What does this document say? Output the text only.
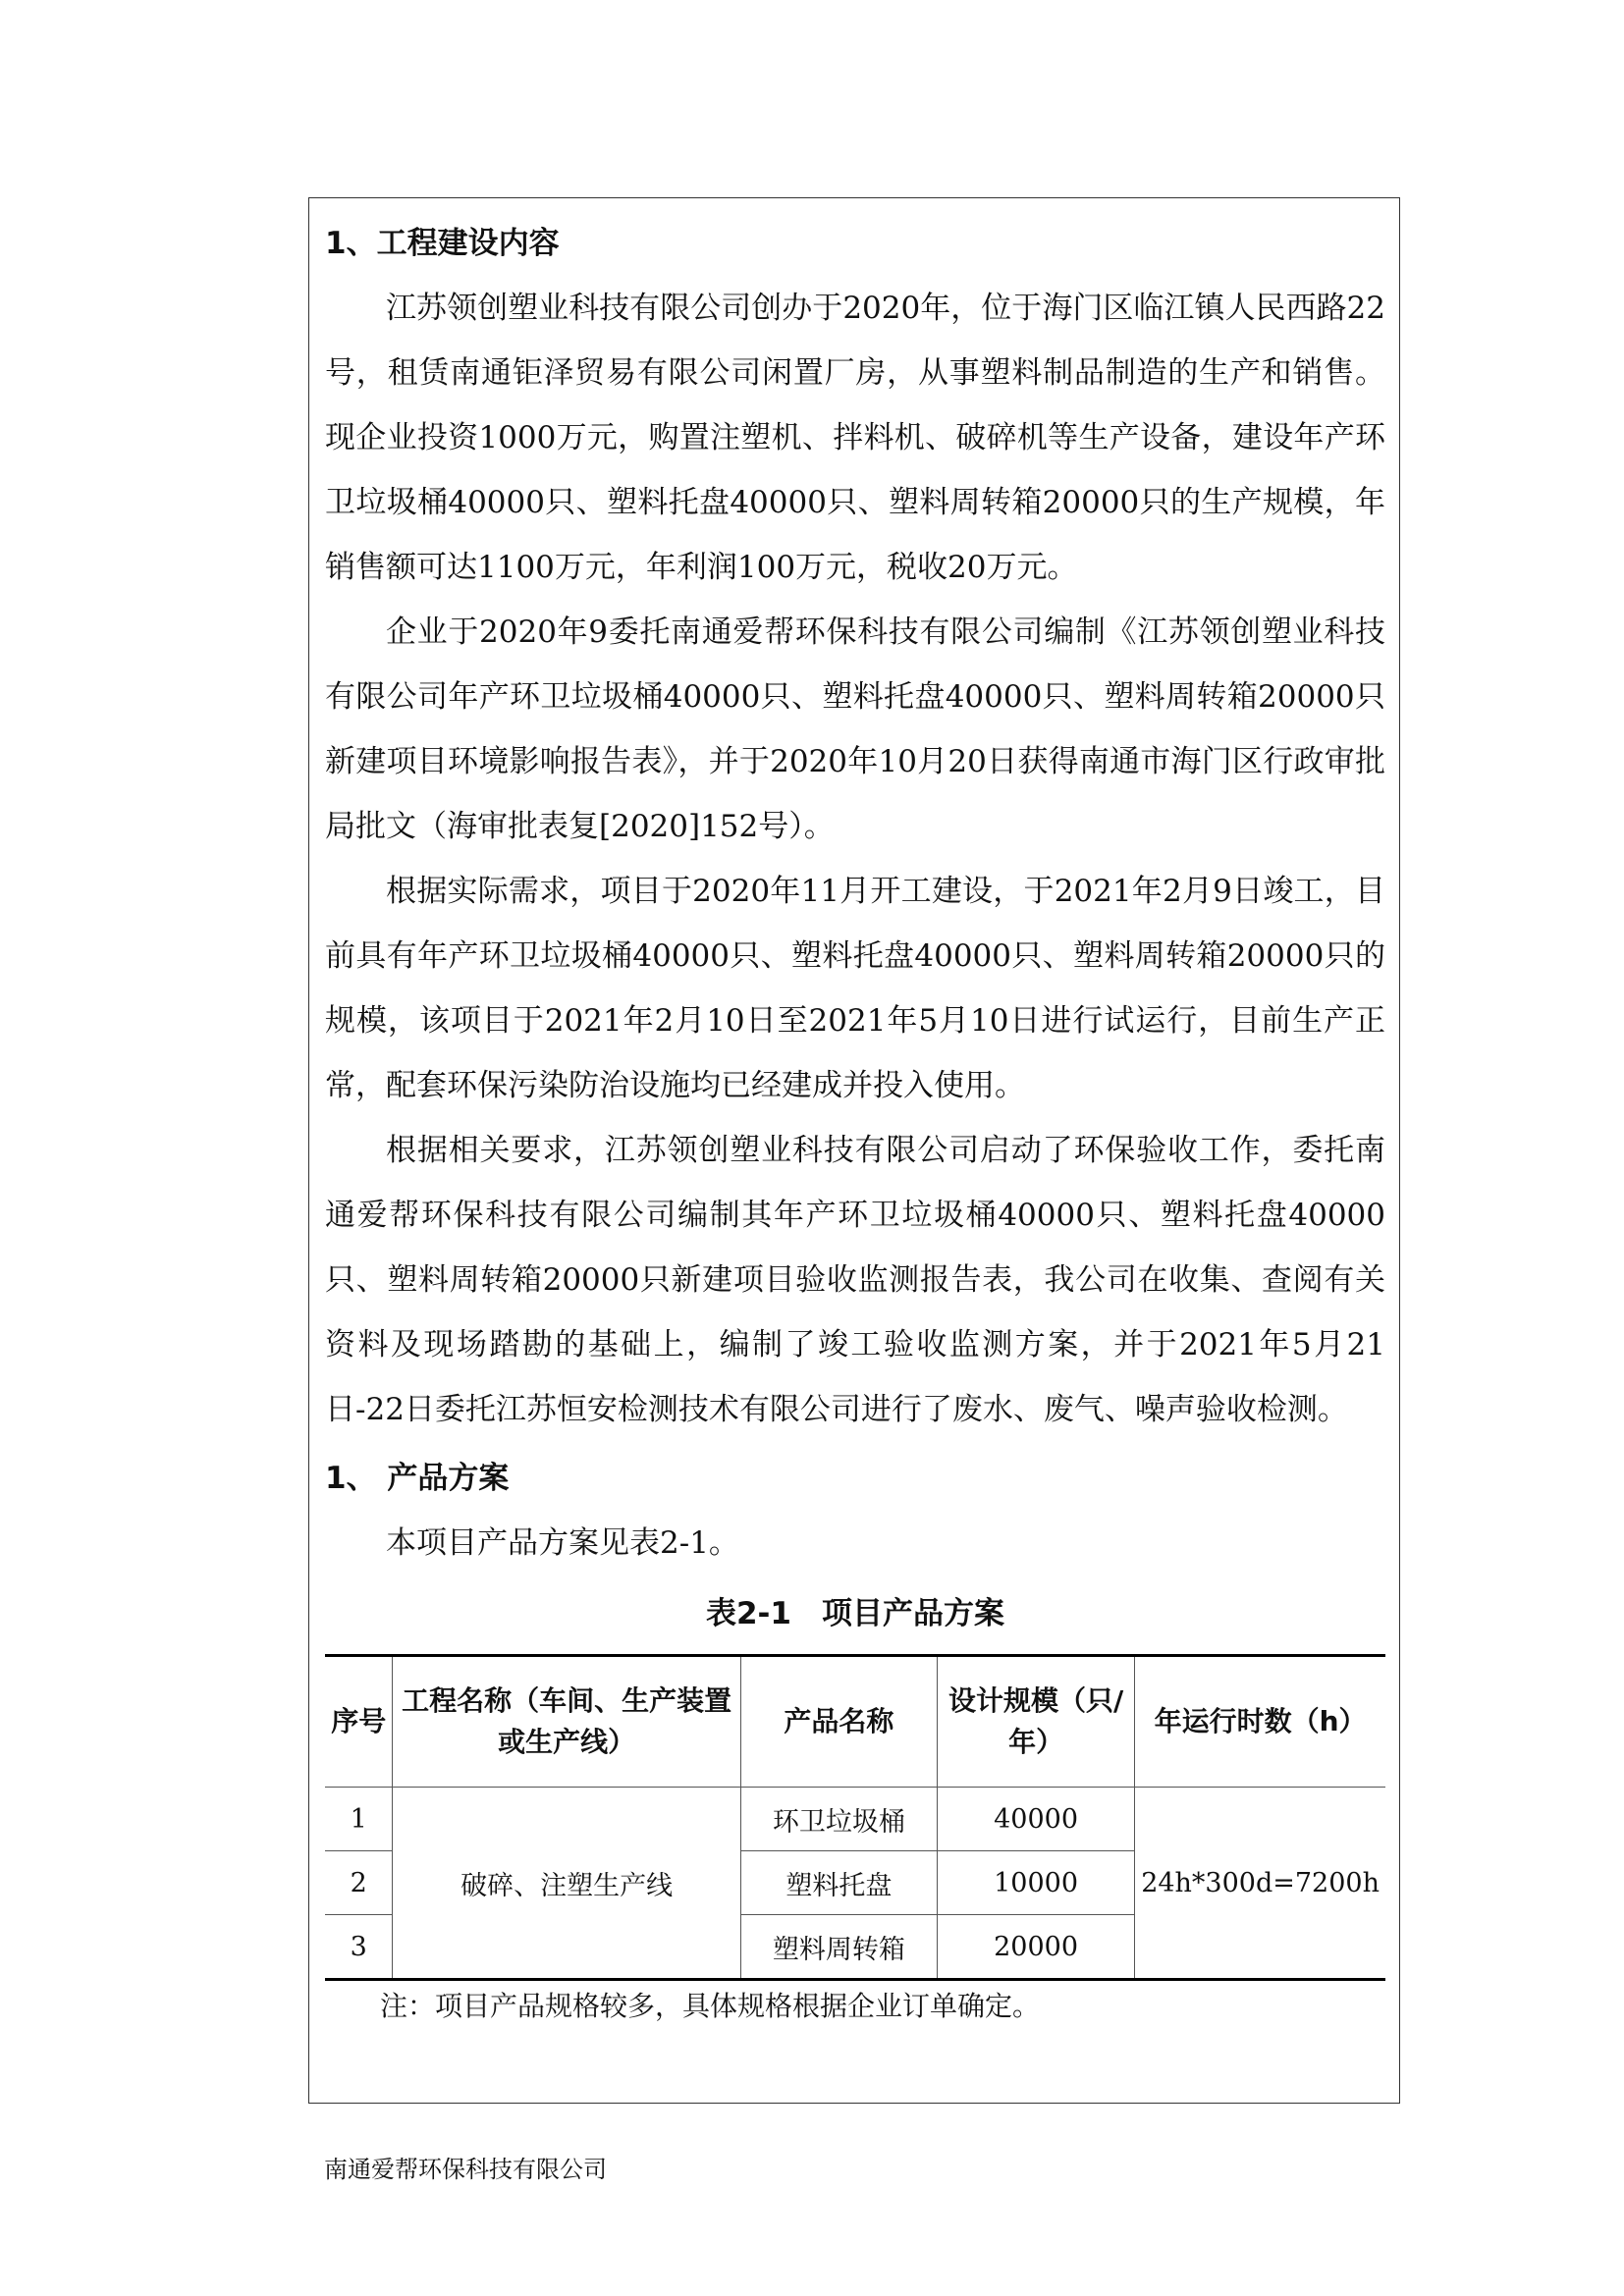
1、工程建设内容

江苏领创塑业科技有限公司创办于2020年，位于海门区临江镇人民西路22号，租赁南通钜泽贸易有限公司闲置厂房，从事塑料制品制造的生产和销售。现企业投资1000万元，购置注塑机、拌料机、破碎机等生产设备，建设年产环卫垃圾桶40000只、塑料托盘40000只、塑料周转箱20000只的生产规模，年销售额可达1100万元，年利润100万元，税收20万元。

企业于2020年9委托南通爱帮环保科技有限公司编制《江苏领创塑业科技有限公司年产环卫垃圾桶40000只、塑料托盘40000只、塑料周转箱20000只新建项目环境影响报告表》，并于2020年10月20日获得南通市海门区行政审批局批文（海审批表复[2020]152号）。

根据实际需求，项目于2020年11月开工建设，于2021年2月9日竣工，目前具有年产环卫垃圾桶40000只、塑料托盘40000只、塑料周转箱20000只的规模，该项目于2021年2月10日至2021年5月10日进行试运行，目前生产正常，配套环保污染防治设施均已经建成并投入使用。

根据相关要求，江苏领创塑业科技有限公司启动了环保验收工作，委托南通爱帮环保科技有限公司编制其年产环卫垃圾桶40000只、塑料托盘40000只、塑料周转箱20000只新建项目验收监测报告表，我公司在收集、查阅有关资料及现场踏勘的基础上，编制了竣工验收监测方案，并于2021年5月21日-22日委托江苏恒安检测技术有限公司进行了废水、废气、噪声验收检测。

1、 产品方案

本项目产品方案见表2-1。

表2-1　项目产品方案
序号	工程名称（车间、生产装置或生产线）	产品名称	设计规模（只/年）	年运行时数（h）
1	破碎、注塑生产线	环卫垃圾桶	40000	24h*300d=7200h
2		塑料托盘	10000	
3		塑料周转箱	20000	

注：项目产品规格较多，具体规格根据企业订单确定。

南通爱帮环保科技有限公司
